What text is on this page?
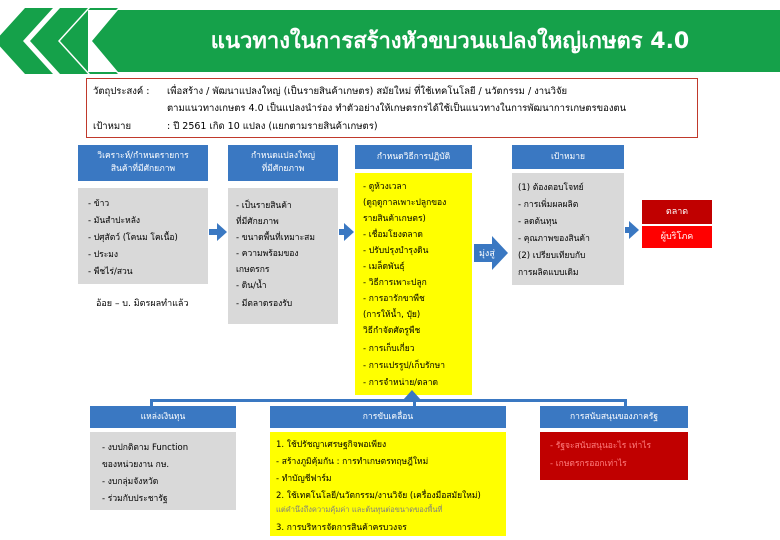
แนวทางในการสร้างหัวขบวนแปลงใหญ่เกษตร 4.0
วัตถุประสงค์ : เพื่อสร้าง / พัฒนาแปลงใหญ่ (เป็นรายสินค้าเกษตร) สมัยใหม่ ที่ใช้เทคโนโลยี / นวัตกรรม / งานวิจัย
ตามแนวทางเกษตร 4.0 เป็นแปลงนำร่อง ทำตัวอย่างให้เกษตรกรได้ใช้เป็นแนวทางในการพัฒนาการเกษตรของตน
เป้าหมาย	: ปี 2561 เกิด 10 แปลง (แยกตามรายสินค้าเกษตร)
วิเคราะห์/กำหนดรายการ
สินค้าที่มีศักยภาพ
- ข้าว
- มันสำปะหลัง
- ปศุสัตว์ (โคนม โคเนื้อ)
- ประมง
- พืชไร่/สวน
อ้อย – บ. มิตรผลทำแล้ว
กำหนดแปลงใหญ่
ที่มีศักยภาพ
- เป็นรายสินค้า
ที่มีศักยภาพ
- ขนาดพื้นที่เหมาะสม
- ความพร้อมของ
เกษตรกร
- ดิน/น้ำ
- มีตลาดรองรับ
กำหนดวิธีการปฏิบัติ
- ดูห้วงเวลา
(ดูฤดูกาลเพาะปลูกของ
รายสินค้าเกษตร)
- เชื่อมโยงตลาด
- ปรับปรุงบำรุงดิน
- เมล็ดพันธุ์
- วิธีการเพาะปลูก
- การอารักขาพืช
(การให้น้ำ, ปุ๋ย)
วิธีกำจัดศัตรูพืช
- การเก็บเกี่ยว
- การแปรรูป/เก็บรักษา
- การจำหน่าย/ตลาด
มุ่งสู่
เป้าหมาย
(1) ต้องตอบโจทย์
- การเพิ่มผลผลิต
- ลดต้นทุน
- คุณภาพของสินค้า
(2) เปรียบเทียบกับ
การผลิตแบบเดิม
ตลาด
ผู้บริโภค
แหล่งเงินทุน
- งบปกติตาม Function
ของหน่วยงาน กษ.
- งบกลุ่มจังหวัด
- ร่วมกับประชารัฐ
การขับเคลื่อน
1. ใช้ปรัชญาเศรษฐกิจพอเพียง
- สร้างภูมิคุ้มกัน : การทำเกษตรทฤษฎีใหม่
- ทำบัญชีฟาร์ม
2. ใช้เทคโนโลยี/นวัตกรรม/งานวิจัย (เครื่องมือสมัยใหม่)
แต่คำนึงถึงความคุ้มค่า และต้นทุนต่อขนาดของพื้นที่
3. การบริหารจัดการสินค้าครบวงจร
การสนับสนุนของภาครัฐ
- รัฐจะสนับสนุนอะไร เท่าไร
- เกษตรกรออกเท่าไร
